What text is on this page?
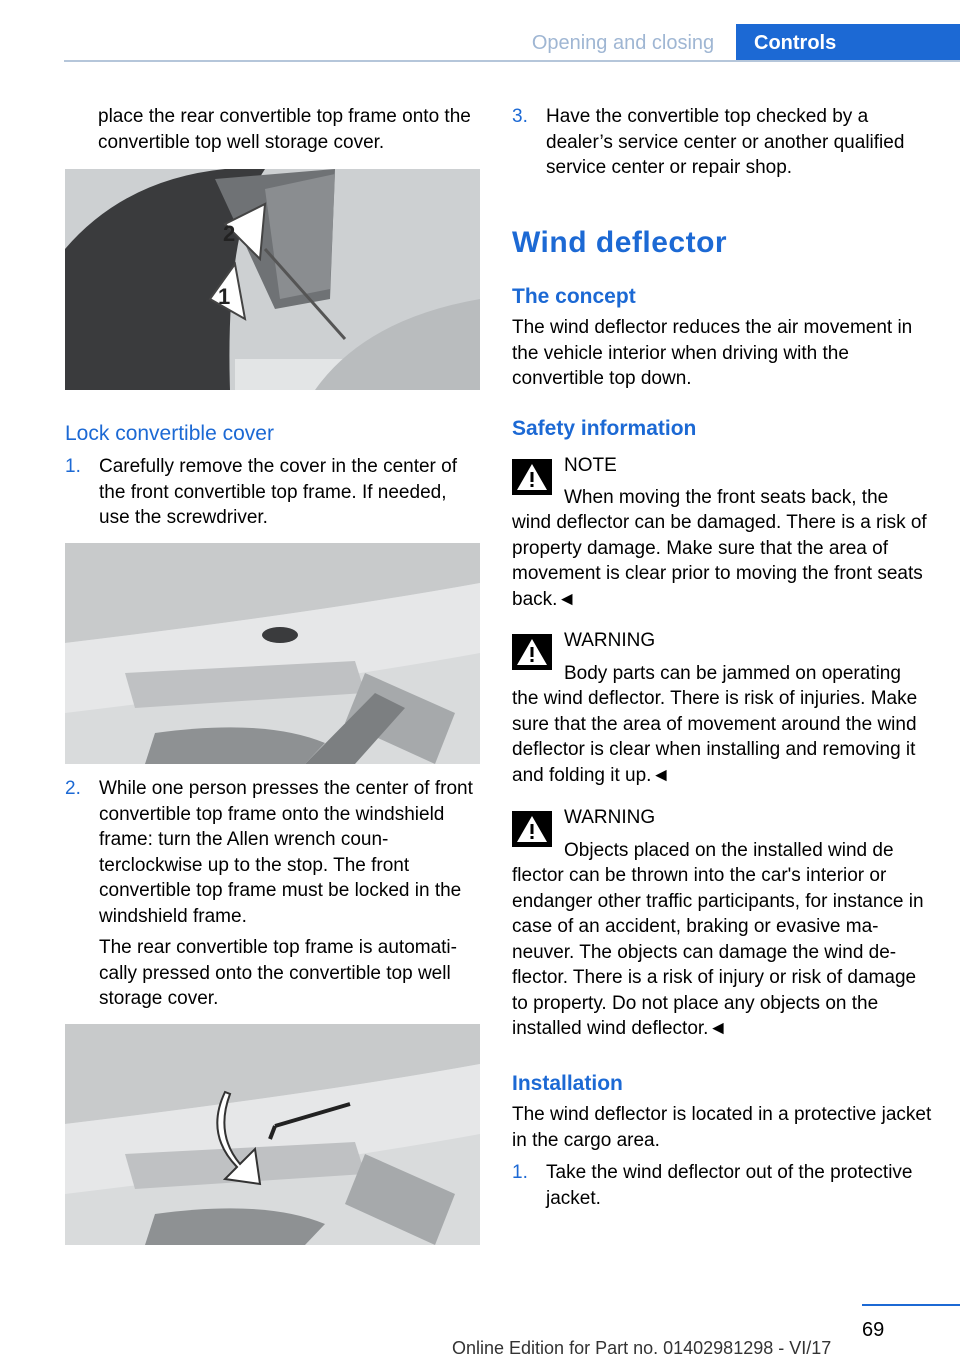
Opening and closing	Controls

place the rear convertible top frame onto the convertible top well storage cover.

1
2
Lock convertible cover
1. Carefully remove the cover in the center of the front convertible top frame. If needed, use the screwdriver.

2. While one person presses the center of front convertible top frame onto the windshield frame: turn the Allen wrench counterclockwise up to the stop. The front convertible top frame must be locked in the windshield frame.

The rear convertible top frame is automatically pressed onto the convertible top well storage cover.

3. Have the convertible top checked by a dealer’s service center or another qualified service center or repair shop.

Wind deflector
The concept

The wind deflector reduces the air movement in the vehicle interior when driving with the convertible top down.

Safety information
NOTE

When moving the front seats back, the

wind deflector can be damaged. There is a risk of property damage. Make sure that the area of movement is clear prior to moving the front seats back.◄

WARNING

Body parts can be jammed on operating

the wind deflector. There is risk of injuries. Make sure that the area of movement around the wind deflector is clear when installing and removing it and folding it up.◄

WARNING

Objects placed on the installed wind de

flector can be thrown into the car's interior or endanger other traffic participants, for instance in case of an accident, braking or evasive maneuver. The objects can damage the wind deflector. There is a risk of injury or risk of damage to property. Do not place any objects on the installed wind deflector.◄

Installation

The wind deflector is located in a protective jacket in the cargo area.

1. Take the wind deflector out of the protective jacket.

69
Online Edition for Part no. 01402981298 - VI/17
